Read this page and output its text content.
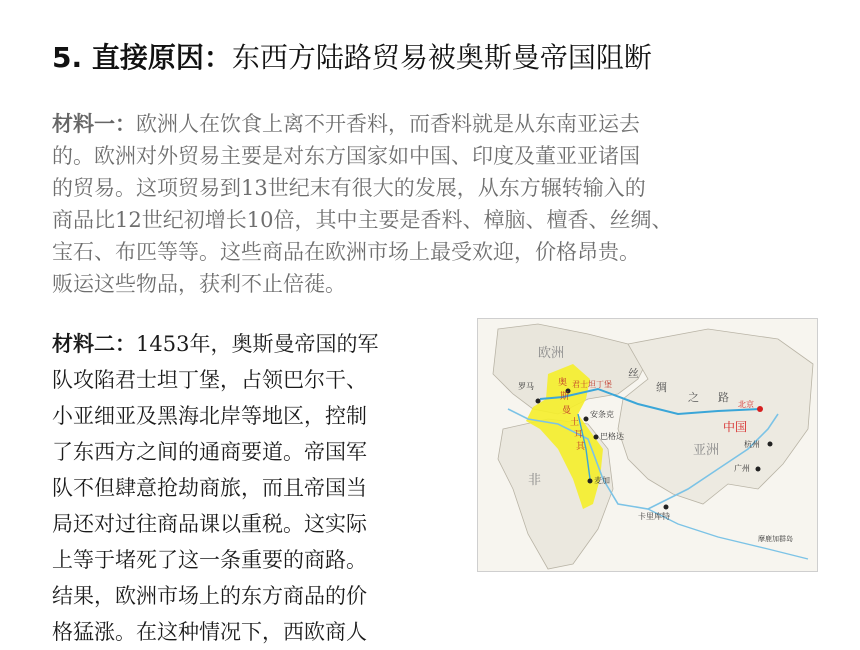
5. 直接原因：东西方陆路贸易被奥斯曼帝国阻断
材料一：欧洲人在饮食上离不开香料，而香料就是从东南亚运去
的。欧洲对外贸易主要是对东方国家如中国、印度及董亚亚诸国
的贸易。这项贸易到13世纪末有很大的发展，从东方辗转输入的
商品比12世纪初增长10倍，其中主要是香料、樟脑、檀香、丝绸、
宝石、布匹等等。这些商品在欧洲市场上最受欢迎，价格昂贵。
贩运这些物品，获利不止倍蓰。
材料二：1453年，奥斯曼帝国的军
队攻陷君士坦丁堡，占领巴尔干、
小亚细亚及黑海北岸等地区，控制
了东西方之间的通商要道。帝国军
队不但肆意抢劫商旅，而且帝国当
局还对过往商品课以重税。这实际
上等于堵死了这一条重要的商路。
结果，欧洲市场上的东方商品的价
格猛涨。在这种情况下，西欧商人
欧洲
非
亚洲
中国
丝
绸
之 路
罗马	君士坦丁堡
奥
斯
曼
土
耳
其
安条克
巴格达
麦加
北京
杭州
广州
卡里库特
摩鹿加群岛
